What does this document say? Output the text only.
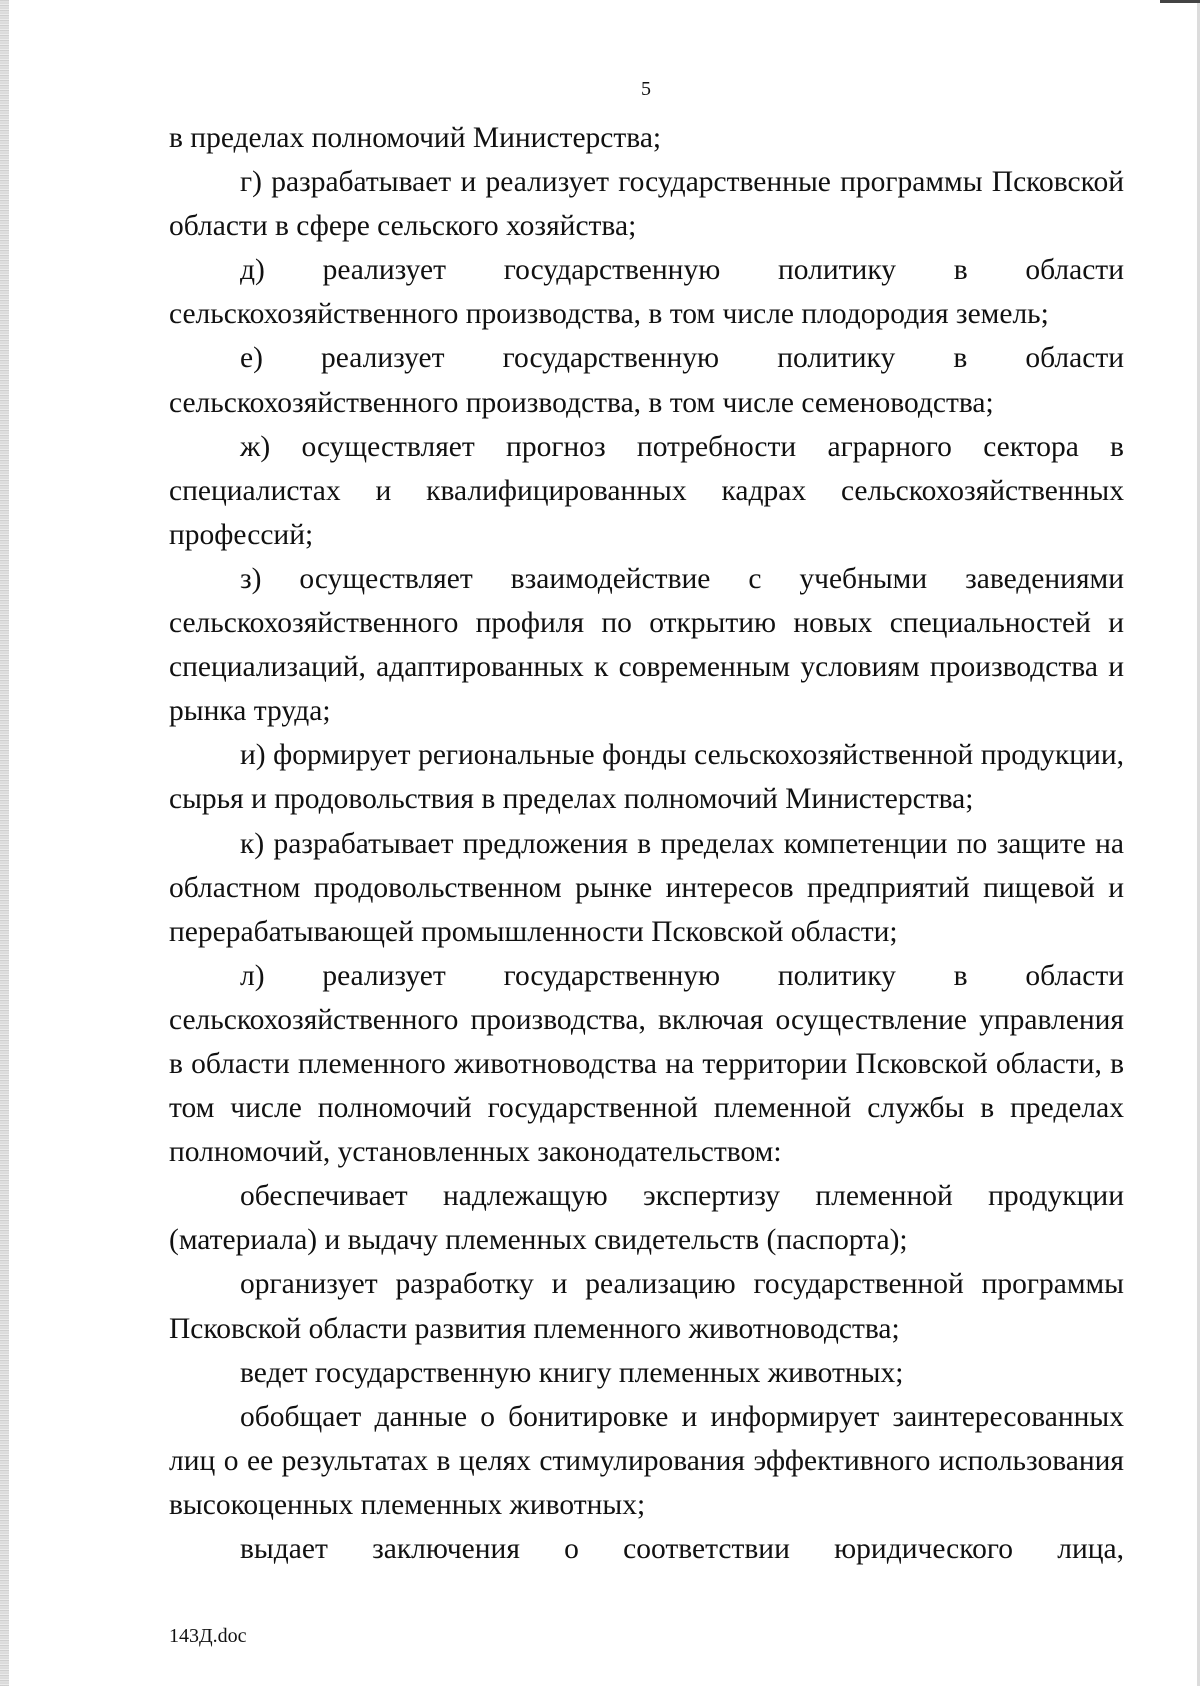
5

в пределах полномочий Министерства;

г) разрабатывает и реализует государственные программы Псковской области в сфере сельского хозяйства;

д) реализует государственную политику в области сельскохозяйственного производства, в том числе плодородия земель;

е) реализует государственную политику в области сельскохозяйственного производства, в том числе семеноводства;

ж) осуществляет прогноз потребности аграрного сектора в специалистах и квалифицированных кадрах сельскохозяйственных профессий;

з) осуществляет взаимодействие с учебными заведениями сельскохозяйственного профиля по открытию новых специальностей и специализаций, адаптированных к современным условиям производства и рынка труда;

и) формирует региональные фонды сельскохозяйственной продукции, сырья и продовольствия в пределах полномочий Министерства;

к) разрабатывает предложения в пределах компетенции по защите на областном продовольственном рынке интересов предприятий пищевой и перерабатывающей промышленности Псковской области;

л) реализует государственную политику в области сельскохозяйственного производства, включая осуществление управления в области племенного животноводства на территории Псковской области, в том числе полномочий государственной племенной службы в пределах полномочий, установленных законодательством:

обеспечивает надлежащую экспертизу племенной продукции (материала) и выдачу племенных свидетельств (паспорта);

организует разработку и реализацию государственной программы Псковской области развития племенного животноводства;

ведет государственную книгу племенных животных;

обобщает данные о бонитировке и информирует заинтересованных лиц о ее результатах в целях стимулирования эффективного использования высокоценных племенных животных;

выдает заключения о соответствии юридического лица,

143Д.doc
